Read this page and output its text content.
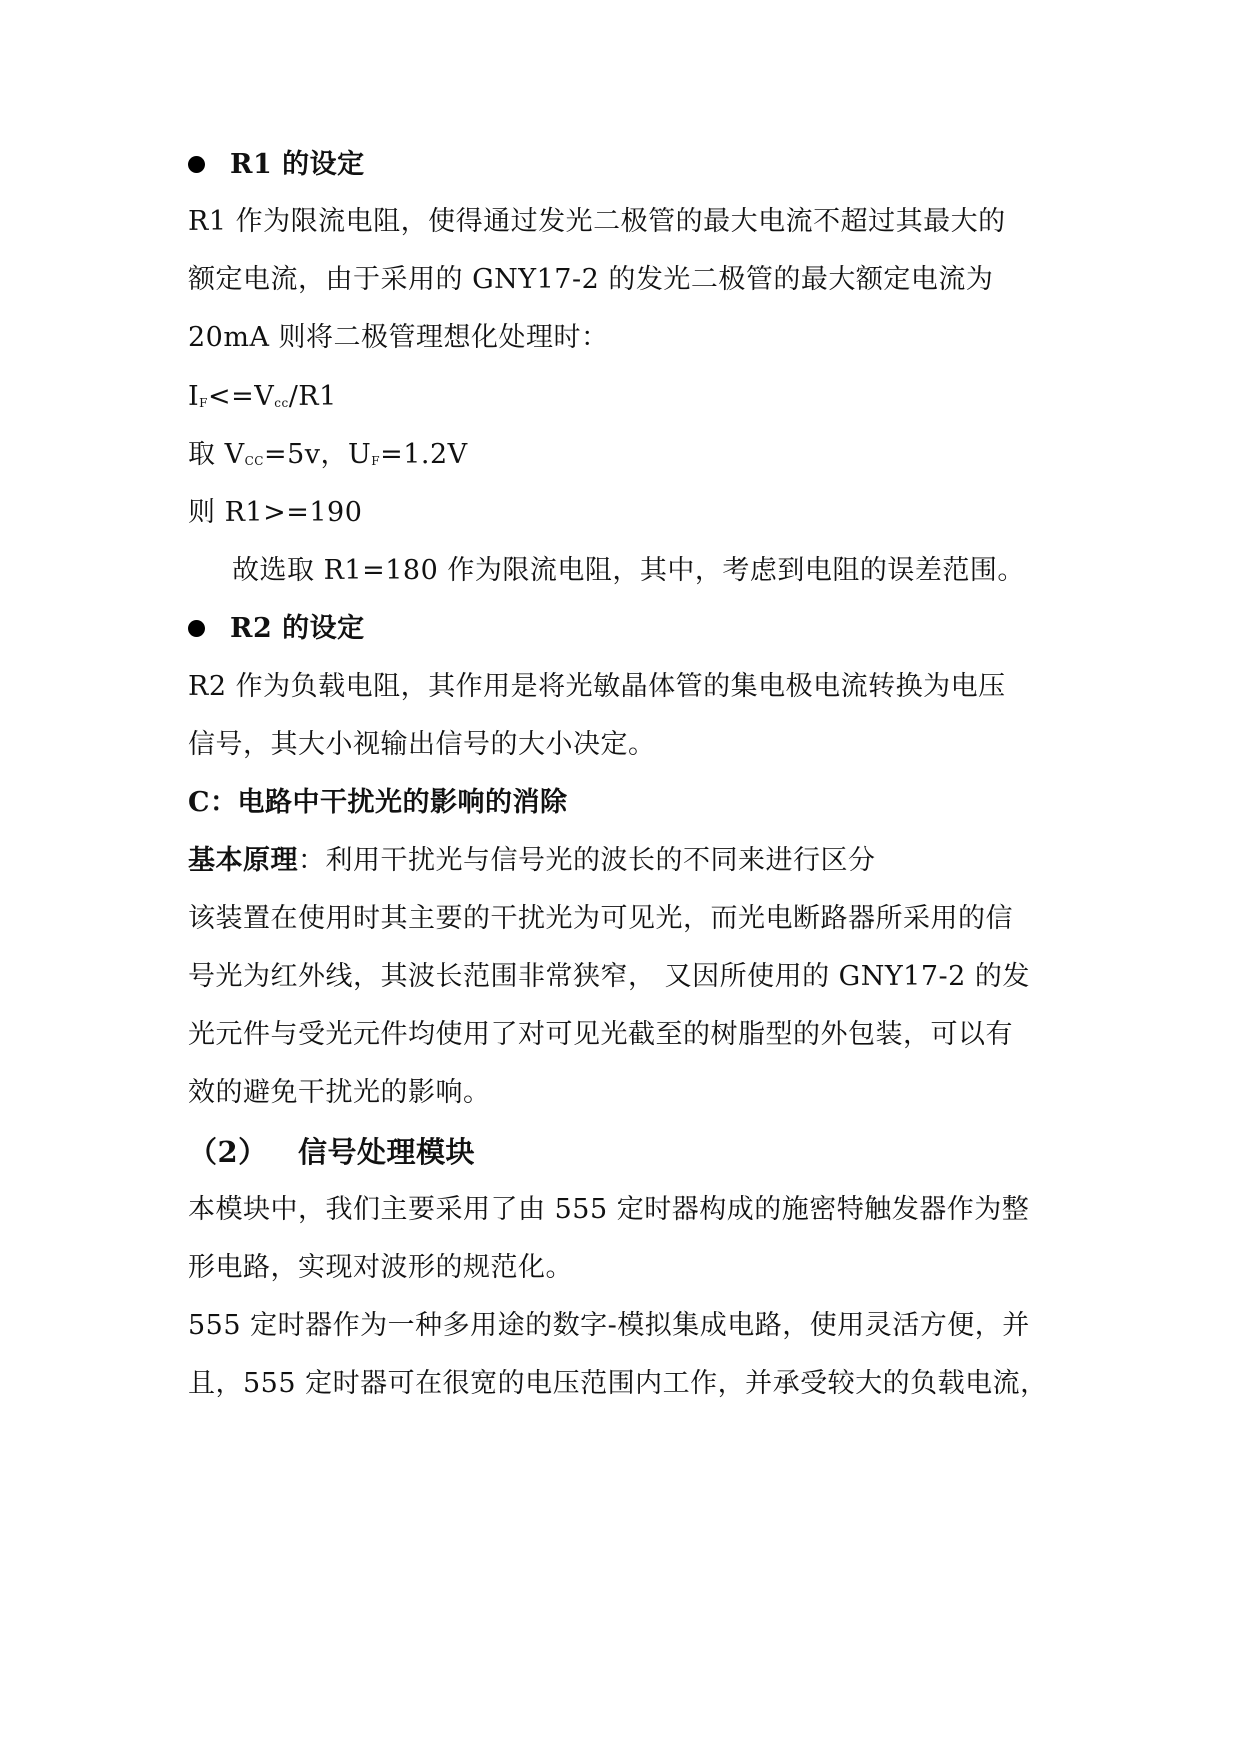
R1 的设定
R1 作为限流电阻，使得通过发光二极管的最大电流不超过其最大的
额定电流，由于采用的 GNY17-2 的发光二极管的最大额定电流为
20mA 则将二极管理想化处理时：
$I_F<=V_{cc}/R1$
取 $V_{CC}=5v$，$U_F=1.2V$
则 R1>=190
故选取 R1=180 作为限流电阻，其中，考虑到电阻的误差范围。
R2 的设定
R2 作为负载电阻，其作用是将光敏晶体管的集电极电流转换为电压
信号，其大小视输出信号的大小决定。
C：电路中干扰光的影响的消除
基本原理：利用干扰光与信号光的波长的不同来进行区分
该装置在使用时其主要的干扰光为可见光，而光电断路器所采用的信
号光为红外线，其波长范围非常狭窄， 又因所使用的 GNY17-2 的发
光元件与受光元件均使用了对可见光截至的树脂型的外包装，可以有
效的避免干扰光的影响。
（2） 信号处理模块
本模块中，我们主要采用了由 555 定时器构成的施密特触发器作为整
形电路，实现对波形的规范化。
555 定时器作为一种多用途的数字-模拟集成电路，使用灵活方便，并
且，555 定时器可在很宽的电压范围内工作，并承受较大的负载电流，
